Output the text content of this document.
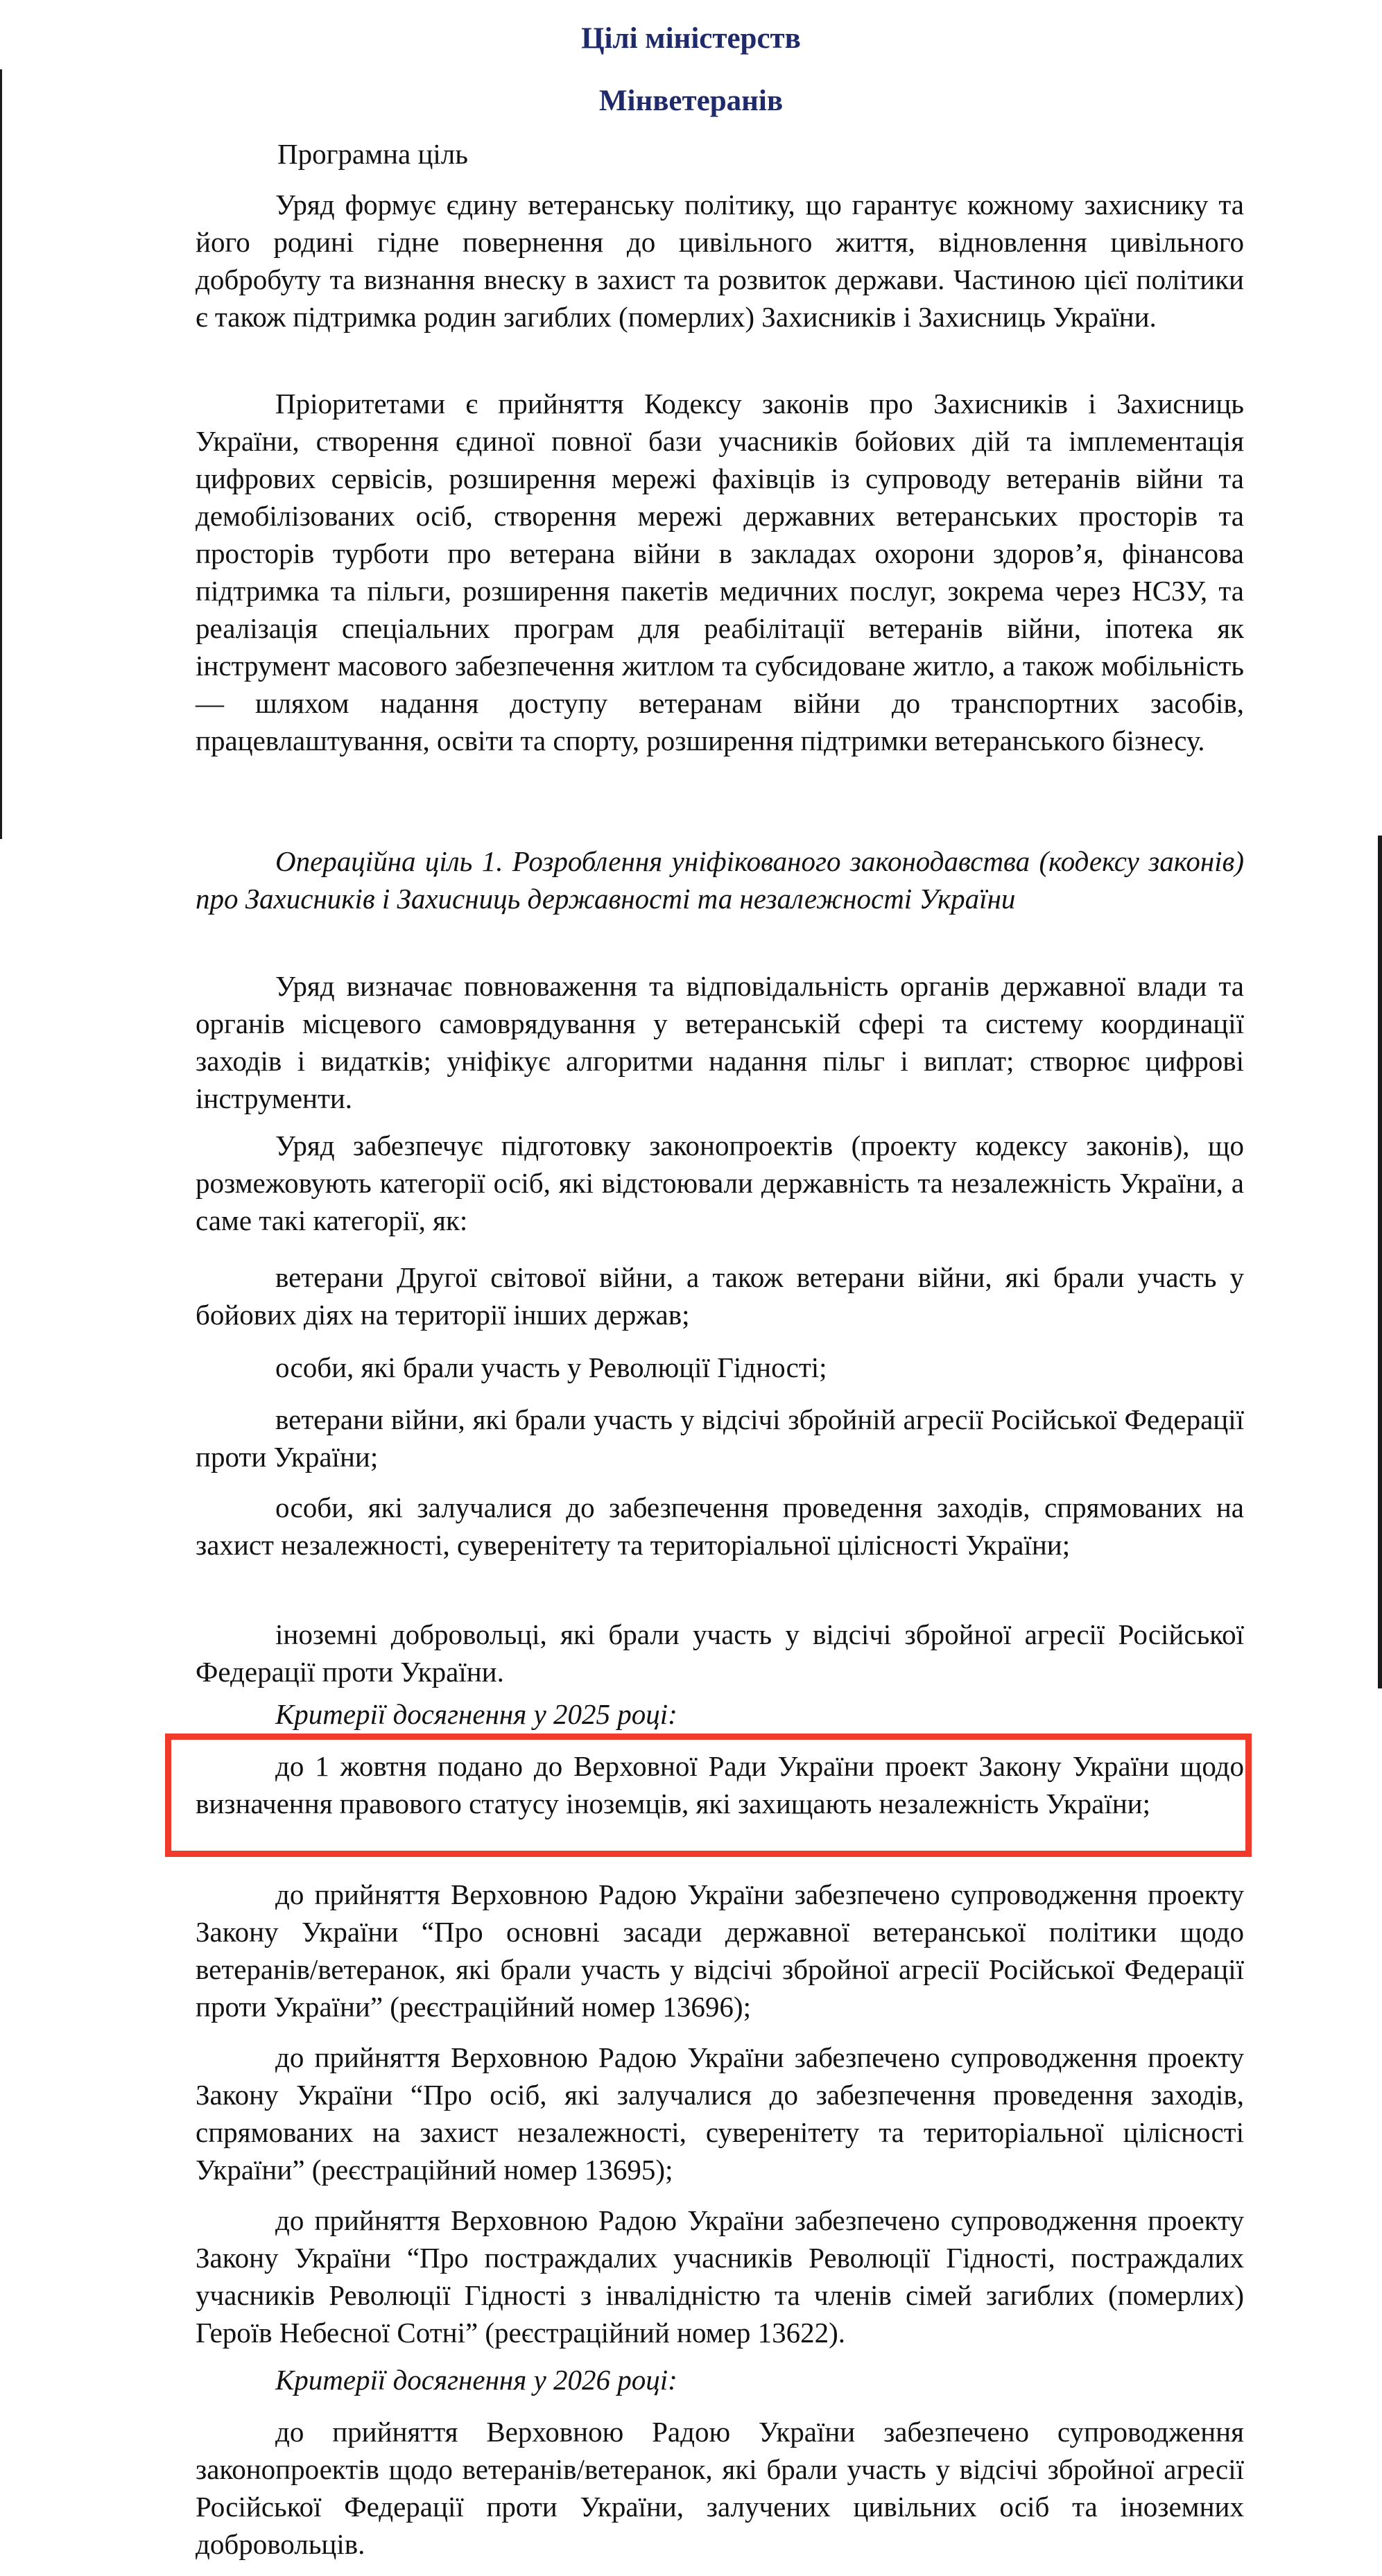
Цілі міністерств
Мінветеранів
Програмна ціль

Уряд формує єдину ветеранську політику, що гарантує кожному захиснику та його родині гідне повернення до цивільного життя, відновлення цивільного добробуту та визнання внеску в захист та розвиток держави. Частиною цієї політики є також підтримка родин загиблих (померлих) Захисників і Захисниць України.

Пріоритетами є прийняття Кодексу законів про Захисників і Захисниць України, створення єдиної повної бази учасників бойових дій та імплементація цифрових сервісів, розширення мережі фахівців із супроводу ветеранів війни та демобілізованих осіб, створення мережі державних ветеранських просторів та просторів турботи про ветерана війни в закладах охорони здоров’я, фінансова підтримка та пільги, розширення пакетів медичних послуг, зокрема через НСЗУ, та реалізація спеціальних програм для реабілітації ветеранів війни, іпотека як інструмент масового забезпечення житлом та субсидоване житло, а також мобільність — шляхом надання доступу ветеранам війни до транспортних засобів, працевлаштування, освіти та спорту, розширення підтримки ветеранського бізнесу.

Операційна ціль 1. Розроблення уніфікованого законодавства (кодексу законів) про Захисників і Захисниць державності та незалежності України

Уряд визначає повноваження та відповідальність органів державної влади та органів місцевого самоврядування у ветеранській сфері та систему координації заходів і видатків; уніфікує алгоритми надання пільг і виплат; створює цифрові інструменти.

Уряд забезпечує підготовку законопроектів (проекту кодексу законів), що розмежовують категорії осіб, які відстоювали державність та незалежність України, а саме такі категорії, як:

ветерани Другої світової війни, а також ветерани війни, які брали участь у бойових діях на території інших держав;

особи, які брали участь у Революції Гідності;

ветерани війни, які брали участь у відсічі збройній агресії Російської Федерації проти України;

особи, які залучалися до забезпечення проведення заходів, спрямованих на захист незалежності, суверенітету та територіальної цілісності України;

іноземні добровольці, які брали участь у відсічі збройної агресії Російської Федерації проти України.

Критерії досягнення у 2025 році:

до 1 жовтня подано до Верховної Ради України проект Закону України щодо визначення правового статусу іноземців, які захищають незалежність України;

до прийняття Верховною Радою України забезпечено супроводження проекту Закону України “Про основні засади державної ветеранської політики щодо ветеранів/ветеранок, які брали участь у відсічі збройної агресії Російської Федерації проти України” (реєстраційний номер 13696);

до прийняття Верховною Радою України забезпечено супроводження проекту Закону України “Про осіб, які залучалися до забезпечення проведення заходів, спрямованих на захист незалежності, суверенітету та територіальної цілісності України” (реєстраційний номер 13695);

до прийняття Верховною Радою України забезпечено супроводження проекту Закону України “Про постраждалих учасників Революції Гідності, постраждалих учасників Революції Гідності з інвалідністю та членів сімей загиблих (померлих) Героїв Небесної Сотні” (реєстраційний номер 13622).

Критерії досягнення у 2026 році:

до прийняття Верховною Радою України забезпечено супроводження законопроектів щодо ветеранів/ветеранок, які брали участь у відсічі збройної агресії Російської Федерації проти України, залучених цивільних осіб та іноземних добровольців.
